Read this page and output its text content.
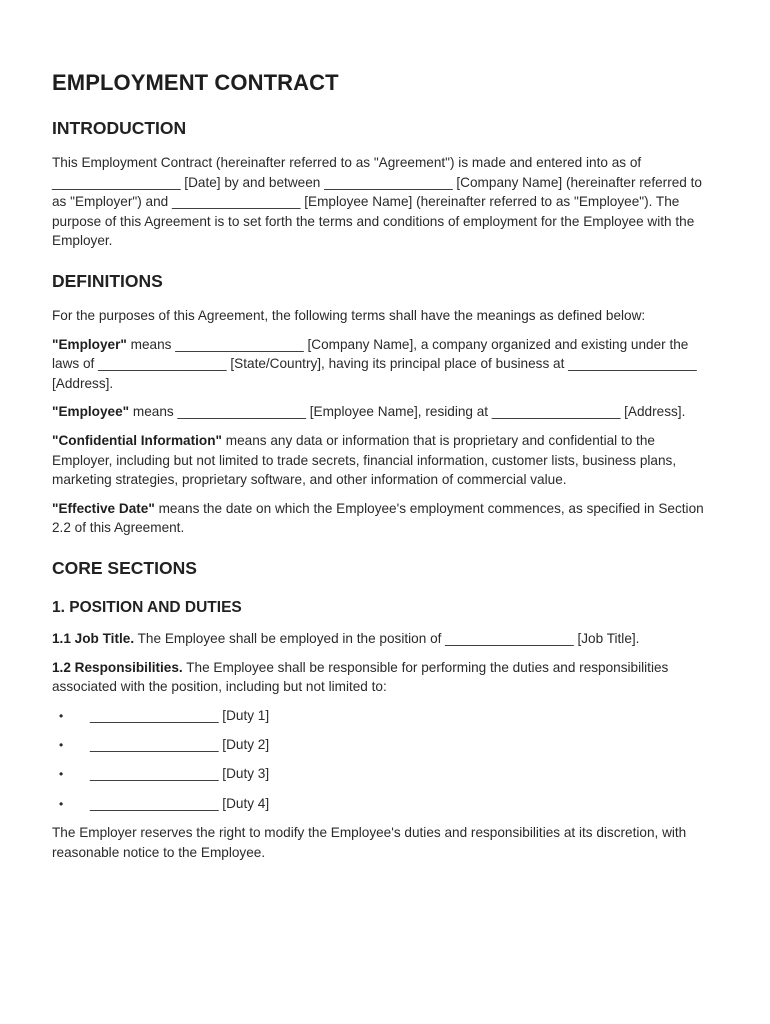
EMPLOYMENT CONTRACT
INTRODUCTION

This Employment Contract (hereinafter referred to as "Agreement") is made and entered into as of _________________ [Date] by and between _________________ [Company Name] (hereinafter referred to as "Employer") and _________________ [Employee Name] (hereinafter referred to as "Employee"). The purpose of this Agreement is to set forth the terms and conditions of employment for the Employee with the Employer.

DEFINITIONS

For the purposes of this Agreement, the following terms shall have the meanings as defined below:

"Employer" means _________________ [Company Name], a company organized and existing under the laws of _________________ [State/Country], having its principal place of business at _________________ [Address].

"Employee" means _________________ [Employee Name], residing at _________________ [Address].

"Confidential Information" means any data or information that is proprietary and confidential to the Employer, including but not limited to trade secrets, financial information, customer lists, business plans, marketing strategies, proprietary software, and other information of commercial value.

"Effective Date" means the date on which the Employee's employment commences, as specified in Section 2.2 of this Agreement.

CORE SECTIONS
1. POSITION AND DUTIES

1.1 Job Title. The Employee shall be employed in the position of _________________ [Job Title].

1.2 Responsibilities. The Employee shall be responsible for performing the duties and responsibilities associated with the position, including but not limited to:

• _________________ [Duty 1]
• _________________ [Duty 2]
• _________________ [Duty 3]
• _________________ [Duty 4]

The Employer reserves the right to modify the Employee's duties and responsibilities at its discretion, with reasonable notice to the Employee.
